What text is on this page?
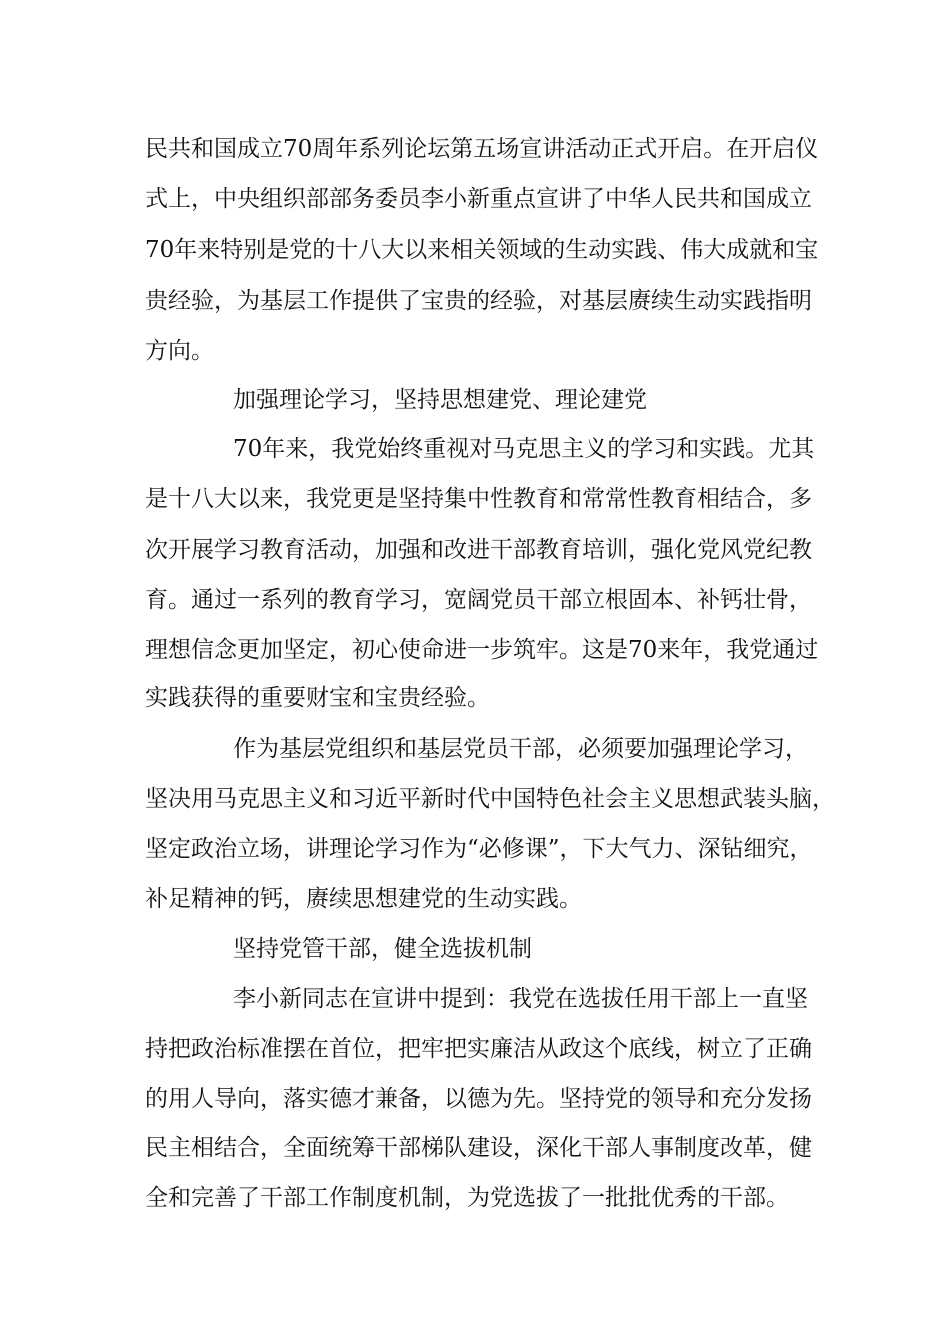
民共和国成立70周年系列论坛第五场宣讲活动正式开启。在开启仪
式上，中央组织部部务委员李小新重点宣讲了中华人民共和国成立
70年来特别是党的十八大以来相关领域的生动实践、伟大成就和宝
贵经验，为基层工作提供了宝贵的经验，对基层赓续生动实践指明
方向。
加强理论学习，坚持思想建党、理论建党
70年来，我党始终重视对马克思主义的学习和实践。尤其
是十八大以来，我党更是坚持集中性教育和常常性教育相结合，多
次开展学习教育活动，加强和改进干部教育培训，强化党风党纪教
育。通过一系列的教育学习，宽阔党员干部立根固本、补钙壮骨，
理想信念更加坚定，初心使命进一步筑牢。这是70来年，我党通过
实践获得的重要财宝和宝贵经验。
作为基层党组织和基层党员干部，必须要加强理论学习，
坚决用马克思主义和习近平新时代中国特色社会主义思想武装头脑，
坚定政治立场，讲理论学习作为“必修课”，下大气力、深钻细究，
补足精神的钙，赓续思想建党的生动实践。
坚持党管干部，健全选拔机制
李小新同志在宣讲中提到：我党在选拔任用干部上一直坚
持把政治标准摆在首位，把牢把实廉洁从政这个底线，树立了正确
的用人导向，落实德才兼备，以德为先。坚持党的领导和充分发扬
民主相结合，全面统筹干部梯队建设，深化干部人事制度改革，健
全和完善了干部工作制度机制，为党选拔了一批批优秀的干部。
